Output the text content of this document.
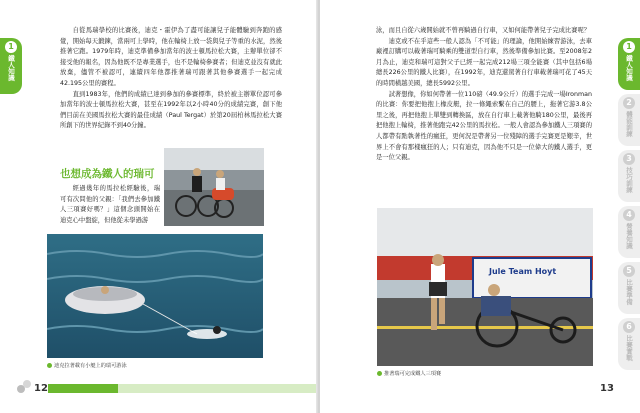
1
鐵人知識

自從馬瑞學校的比賽後，迪克・霍伊為了盡可能讓兒子能體驗到奔跑的感覺，開始每天鍛鍊，當兩可上學時，他在輪椅上放一袋與兒子等重的水泥，然後推著它跑。1979年時，迪克準備參加當年的波士頓馬拉松大賽，主辦單位卻不接受他的報名，因為他既不是專業選手，也不是輪椅參賽者；但迪克並沒有就此放棄，儘管不被認可，連續四年他都推著瑞可跟著其他參賽選手一起完成42.195公里的賽程。

直到1983年，他們的成績已達到參加的參賽標準，終於被主辦單位認可參加當年的波士頓馬拉松大賽，甚至在1992年以2小時40分的成績完賽，創下他們目前在美國馬拉松大賽的最佳成績（Paul Tergat）於第20屆柏林馬拉松大賽所創下的世界紀錄不到40分鐘。

也想成為鐵人的瑞可

經過幾年的馬拉松經驗後，瑞可有次問他的父親：「我們去參加鐵人三項賽好嗎？」這個念頭開始在迪克心中盤旋，但他從未學過游

迪克拉著載有小艇上的瑞可游泳
12
鐵人知識 鐵人知識

泳，而且自從六歲開始就不曾再騎過自行車，又如何能帶著兒子完成比賽呢？

迪克或不在乎這些一般人認為「不可能」的理論，他開始練習游泳，去車廠裡訂購可以載著瑞可騎乘的雙道型自行車，然後準備參加比賽。至2008年2月為止，迪克和瑞可這對父子已經一起完成212場三項全能賽（其中包括6場總長226公里的鐵人比賽），在1992年，迪克還駕著自行車載著瑞可花了45天的時間橫越美國，總長5992公里。

試著想像，你如何帶著一位110磅（49.9公斤）的選手完成一場Ironman的比賽：你要把他抱上橡皮艇，拉一條繩索繫在自己的腰上，拖著它游3.8公里之後，再把他抱上單雙到轉換區，放在自行車上載著他騎180公里，最後再把他抱上輪椅，推著他跑完42公里的馬拉松。一般人會認為參加鐵人三項賽的人都帶有點執著性的瘋狂，更何況是帶著另一位殘障的選手完賽更是艱辛，世界上不會有那樣瘋狂的人；只有迪克，因為他不只是一位偉大的鐵人選手，更是一位父親。

Jule Team Hoyt
推著瑞可完成鐵人三項賽
13
1
鐵人知識
2
體能訓練
3
技巧訓練
4
營養知識
5
比賽準備
6
比賽實戰
